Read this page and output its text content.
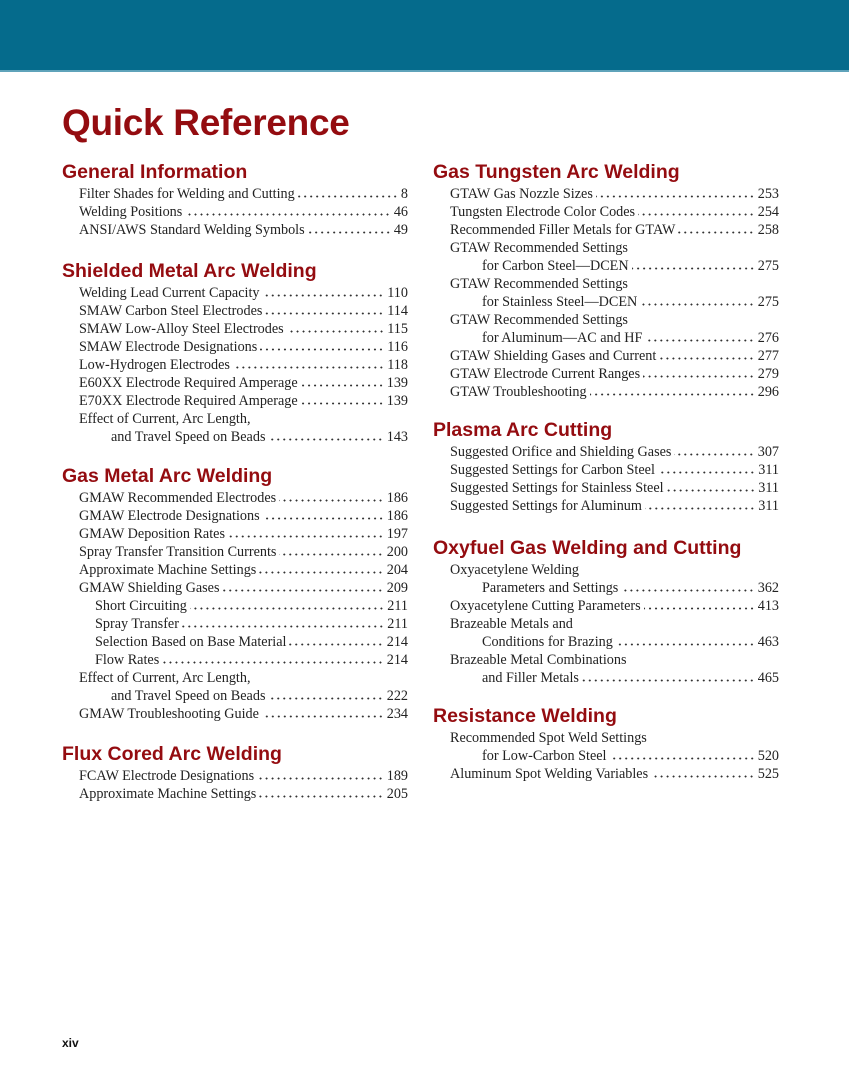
Quick Reference
General Information
Filter Shades for Welding and Cutting	8
Welding Positions	46
ANSI/AWS Standard Welding Symbols	49
Shielded Metal Arc Welding
Welding Lead Current Capacity	110
SMAW Carbon Steel Electrodes	114
SMAW Low-Alloy Steel Electrodes	115
SMAW Electrode Designations	116
Low-Hydrogen Electrodes	118
E60XX Electrode Required Amperage	139
E70XX Electrode Required Amperage	139
Effect of Current, Arc Length,
and Travel Speed on Beads	143
Gas Metal Arc Welding
GMAW Recommended Electrodes	186
GMAW Electrode Designations	186
GMAW Deposition Rates	197
Spray Transfer Transition Currents	200
Approximate Machine Settings	204
GMAW Shielding Gases	209
Short Circuiting	211
Spray Transfer	211
Selection Based on Base Material	214
Flow Rates	214
Effect of Current, Arc Length,
and Travel Speed on Beads	222
GMAW Troubleshooting Guide	234
Flux Cored Arc Welding
FCAW Electrode Designations	189
Approximate Machine Settings	205
Gas Tungsten Arc Welding
GTAW Gas Nozzle Sizes	253
Tungsten Electrode Color Codes	254
Recommended Filler Metals for GTAW	258
GTAW Recommended Settings
for Carbon Steel—DCEN	275
GTAW Recommended Settings
for Stainless Steel—DCEN	275
GTAW Recommended Settings
for Aluminum—AC and HF	276
GTAW Shielding Gases and Current	277
GTAW Electrode Current Ranges	279
GTAW Troubleshooting	296
Plasma Arc Cutting
Suggested Orifice and Shielding Gases	307
Suggested Settings for Carbon Steel	311
Suggested Settings for Stainless Steel	311
Suggested Settings for Aluminum	311
Oxyfuel Gas Welding and Cutting
Oxyacetylene Welding
Parameters and Settings	362
Oxyacetylene Cutting Parameters	413
Brazeable Metals and
Conditions for Brazing	463
Brazeable Metal Combinations
and Filler Metals	465
Resistance Welding
Recommended Spot Weld Settings
for Low-Carbon Steel	520
Aluminum Spot Welding Variables	525
xiv
